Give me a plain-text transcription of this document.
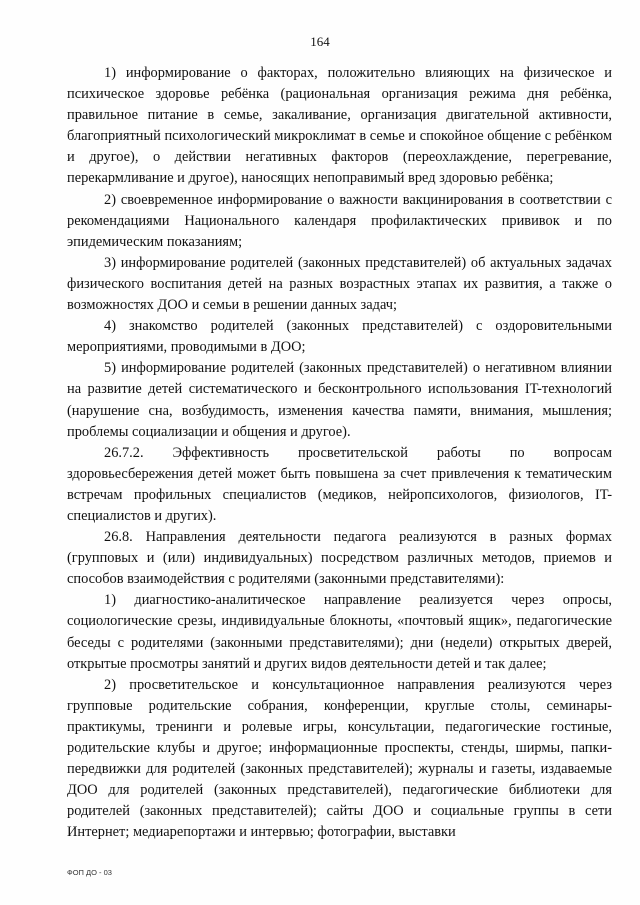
164

1) информирование о факторах, положительно влияющих на физическое и психическое здоровье ребёнка (рациональная организация режима дня ребёнка, правильное питание в семье, закаливание, организация двигательной активности, благоприятный психологический микроклимат в семье и спокойное общение с ребёнком и другое), о действии негативных факторов (переохлаждение, перегревание, перекармливание и другое), наносящих непоправимый вред здоровью ребёнка;

2) своевременное информирование о важности вакцинирования в соответствии с рекомендациями Национального календаря профилактических прививок и по эпидемическим показаниям;

3) информирование родителей (законных представителей) об актуальных задачах физического воспитания детей на разных возрастных этапах их развития, а также о возможностях ДОО и семьи в решении данных задач;

4) знакомство родителей (законных представителей) с оздоровительными мероприятиями, проводимыми в ДОО;

5) информирование родителей (законных представителей) о негативном влиянии на развитие детей систематического и бесконтрольного использования IT-технологий (нарушение сна, возбудимость, изменения качества памяти, внимания, мышления; проблемы социализации и общения и другое).

26.7.2. Эффективность просветительской работы по вопросам здоровьесбережения детей может быть повышена за счет привлечения к тематическим встречам профильных специалистов (медиков, нейропсихологов, физиологов, IT-специалистов и других).

26.8. Направления деятельности педагога реализуются в разных формах (групповых и (или) индивидуальных) посредством различных методов, приемов и способов взаимодействия с родителями (законными представителями):

1) диагностико-аналитическое направление реализуется через опросы, социологические срезы, индивидуальные блокноты, «почтовый ящик», педагогические беседы с родителями (законными представителями); дни (недели) открытых дверей, открытые просмотры занятий и других видов деятельности детей и так далее;

2) просветительское и консультационное направления реализуются через групповые родительские собрания, конференции, круглые столы, семинары-практикумы, тренинги и ролевые игры, консультации, педагогические гостиные, родительские клубы и другое; информационные проспекты, стенды, ширмы, папки-передвижки для родителей (законных представителей); журналы и газеты, издаваемые ДОО для родителей (законных представителей), педагогические библиотеки для родителей (законных представителей); сайты ДОО и социальные группы в сети Интернет; медиарепортажи и интервью; фотографии, выставки

ФОП ДО - 03
